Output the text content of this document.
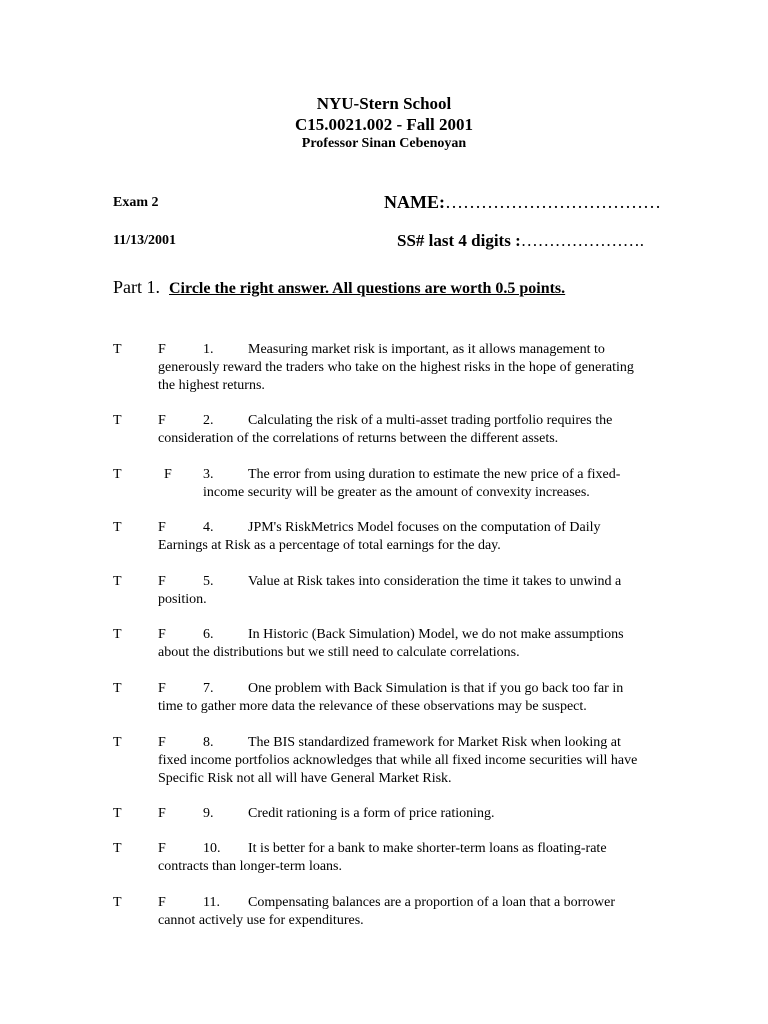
NYU-Stern School
C15.0021.002 - Fall 2001
Professor Sinan Cebenoyan
Exam 2
11/13/2001
NAME:………………………………
SS# last 4 digits :………………….
Part 1. Circle the right answer. All questions are worth 0.5 points.
T	F	1.	Measuring market risk is important, as it allows management to generously reward the traders who take on the highest risks in the hope of generating the highest returns.
T	F	2.	Calculating the risk of a multi-asset trading portfolio requires the consideration of the correlations of returns between the different assets.
T	F 3.	The error from using duration to estimate the new price of a fixed-income security will be greater as the amount of convexity increases.
T	F	4.	JPM's RiskMetrics Model focuses on the computation of Daily Earnings at Risk as a percentage of total earnings for the day.
T	F	5.	Value at Risk takes into consideration the time it takes to unwind a position.
T	F	6.	In Historic (Back Simulation) Model, we do not make assumptions about the distributions but we still need to calculate correlations.
T	F	7.	One problem with Back Simulation is that if you go back too far in time to gather more data the relevance of these observations may be suspect.
T	F	8.	The BIS standardized framework for Market Risk when looking at fixed income portfolios acknowledges that while all fixed income securities will have Specific Risk not all will have General Market Risk.
T	F	9.	Credit rationing is a form of price rationing.
T	F	10.	It is better for a bank to make shorter-term loans as floating-rate contracts than longer-term loans.
T	F	11.	Compensating balances are a proportion of a loan that a borrower cannot actively use for expenditures.
